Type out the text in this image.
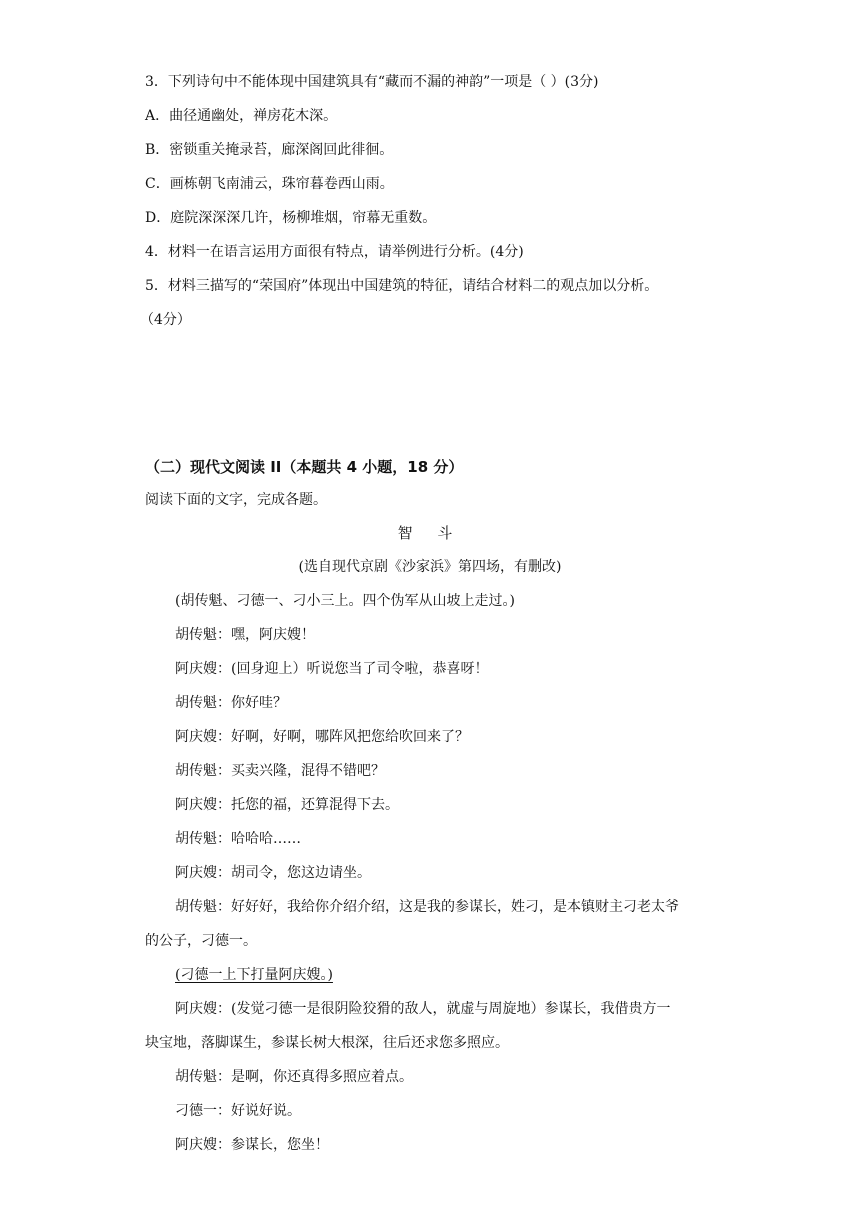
3．下列诗句中不能体现中国建筑具有“藏而不漏的神韵”一项是（ ）(3分)
A．曲径通幽处，禅房花木深。
B．密锁重关掩录苔，廊深阁回此徘徊。
C．画栋朝飞南浦云，珠帘暮卷西山雨。
D．庭院深深深几许，杨柳堆烟，帘幕无重数。
4．材料一在语言运用方面很有特点，请举例进行分析。(4分)
5．材料三描写的“荣国府”体现出中国建筑的特征，请结合材料二的观点加以分析。
（4分）
（二）现代文阅读 II（本题共 4 小题，18 分）
阅读下面的文字，完成各题。
智 斗
(选自现代京剧《沙家浜》第四场，有删改)
(胡传魁、刁德一、刁小三上。四个伪军从山坡上走过。)
胡传魁：嘿，阿庆嫂！
阿庆嫂：(回身迎上）听说您当了司令啦，恭喜呀！
胡传魁：你好哇？
阿庆嫂：好啊，好啊，哪阵风把您给吹回来了？
胡传魁：买卖兴隆，混得不错吧？
阿庆嫂：托您的福，还算混得下去。
胡传魁：哈哈哈……
阿庆嫂：胡司令，您这边请坐。
胡传魁：好好好，我给你介绍介绍，这是我的参谋长，姓刁，是本镇财主刁老太爷
的公子，刁德一。
(刁德一上下打量阿庆嫂。)
阿庆嫂：(发觉刁德一是很阴险狡猾的敌人，就虚与周旋地）参谋长，我借贵方一
块宝地，落脚谋生，参谋长树大根深，往后还求您多照应。
胡传魁：是啊，你还真得多照应着点。
刁德一：好说好说。
阿庆嫂：参谋长，您坐！
